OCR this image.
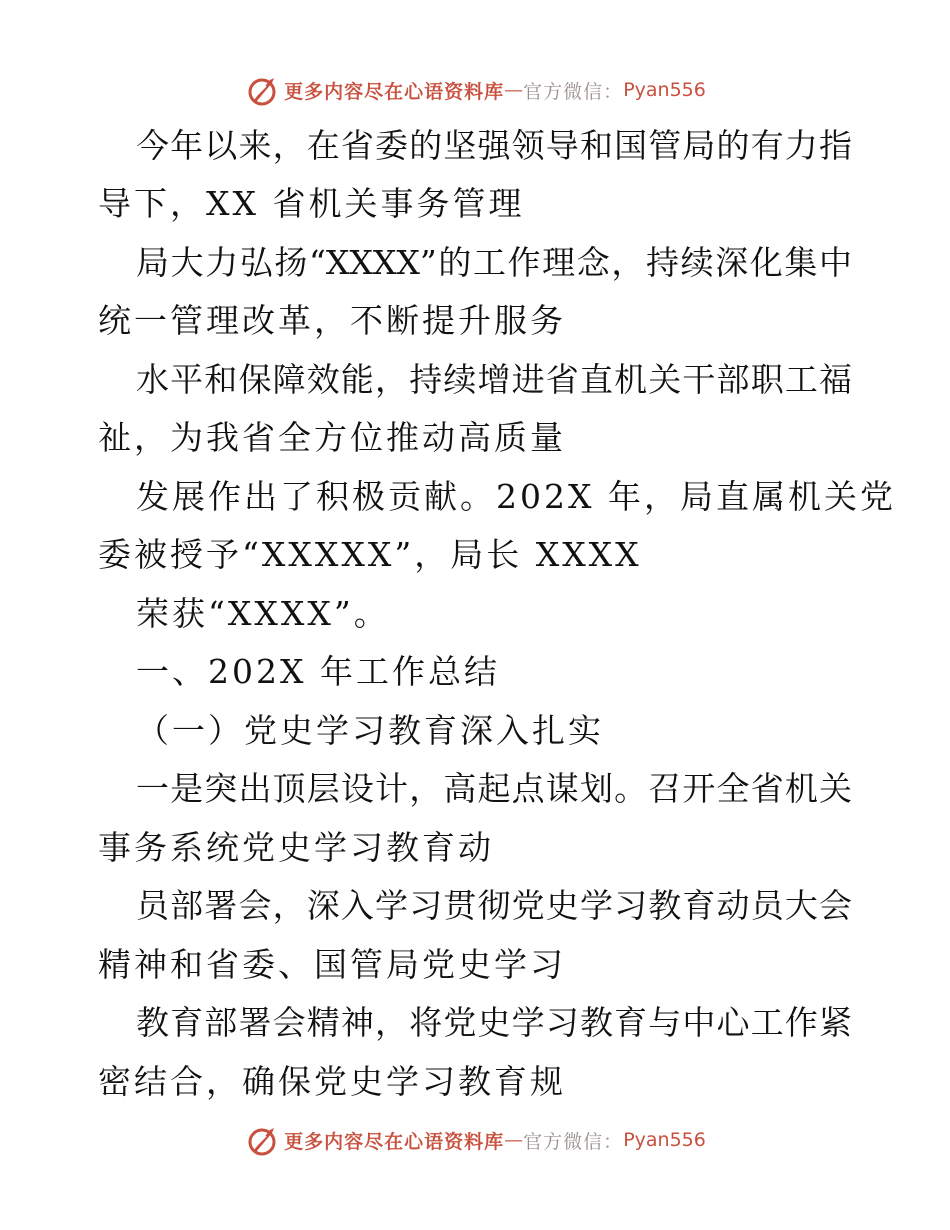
更多内容尽在心语资料库 — 官方微信： Pyan556
今年以来，在省委的坚强领导和国管局的有力指
导下，XX 省机关事务管理
局大力弘扬“XXXX”的工作理念，持续深化集中
统一管理改革，不断提升服务
水平和保障效能，持续增进省直机关干部职工福
祉，为我省全方位推动高质量
发展作出了积极贡献。202X 年，局直属机关党
委被授予“XXXXX”，局长 XXXX
荣获“XXXX”。
一、202X 年工作总结
（一）党史学习教育深入扎实
一是突出顶层设计，高起点谋划。召开全省机关
事务系统党史学习教育动
员部署会，深入学习贯彻党史学习教育动员大会
精神和省委、国管局党史学习
教育部署会精神，将党史学习教育与中心工作紧
密结合，确保党史学习教育规
更多内容尽在心语资料库 — 官方微信： Pyan556
